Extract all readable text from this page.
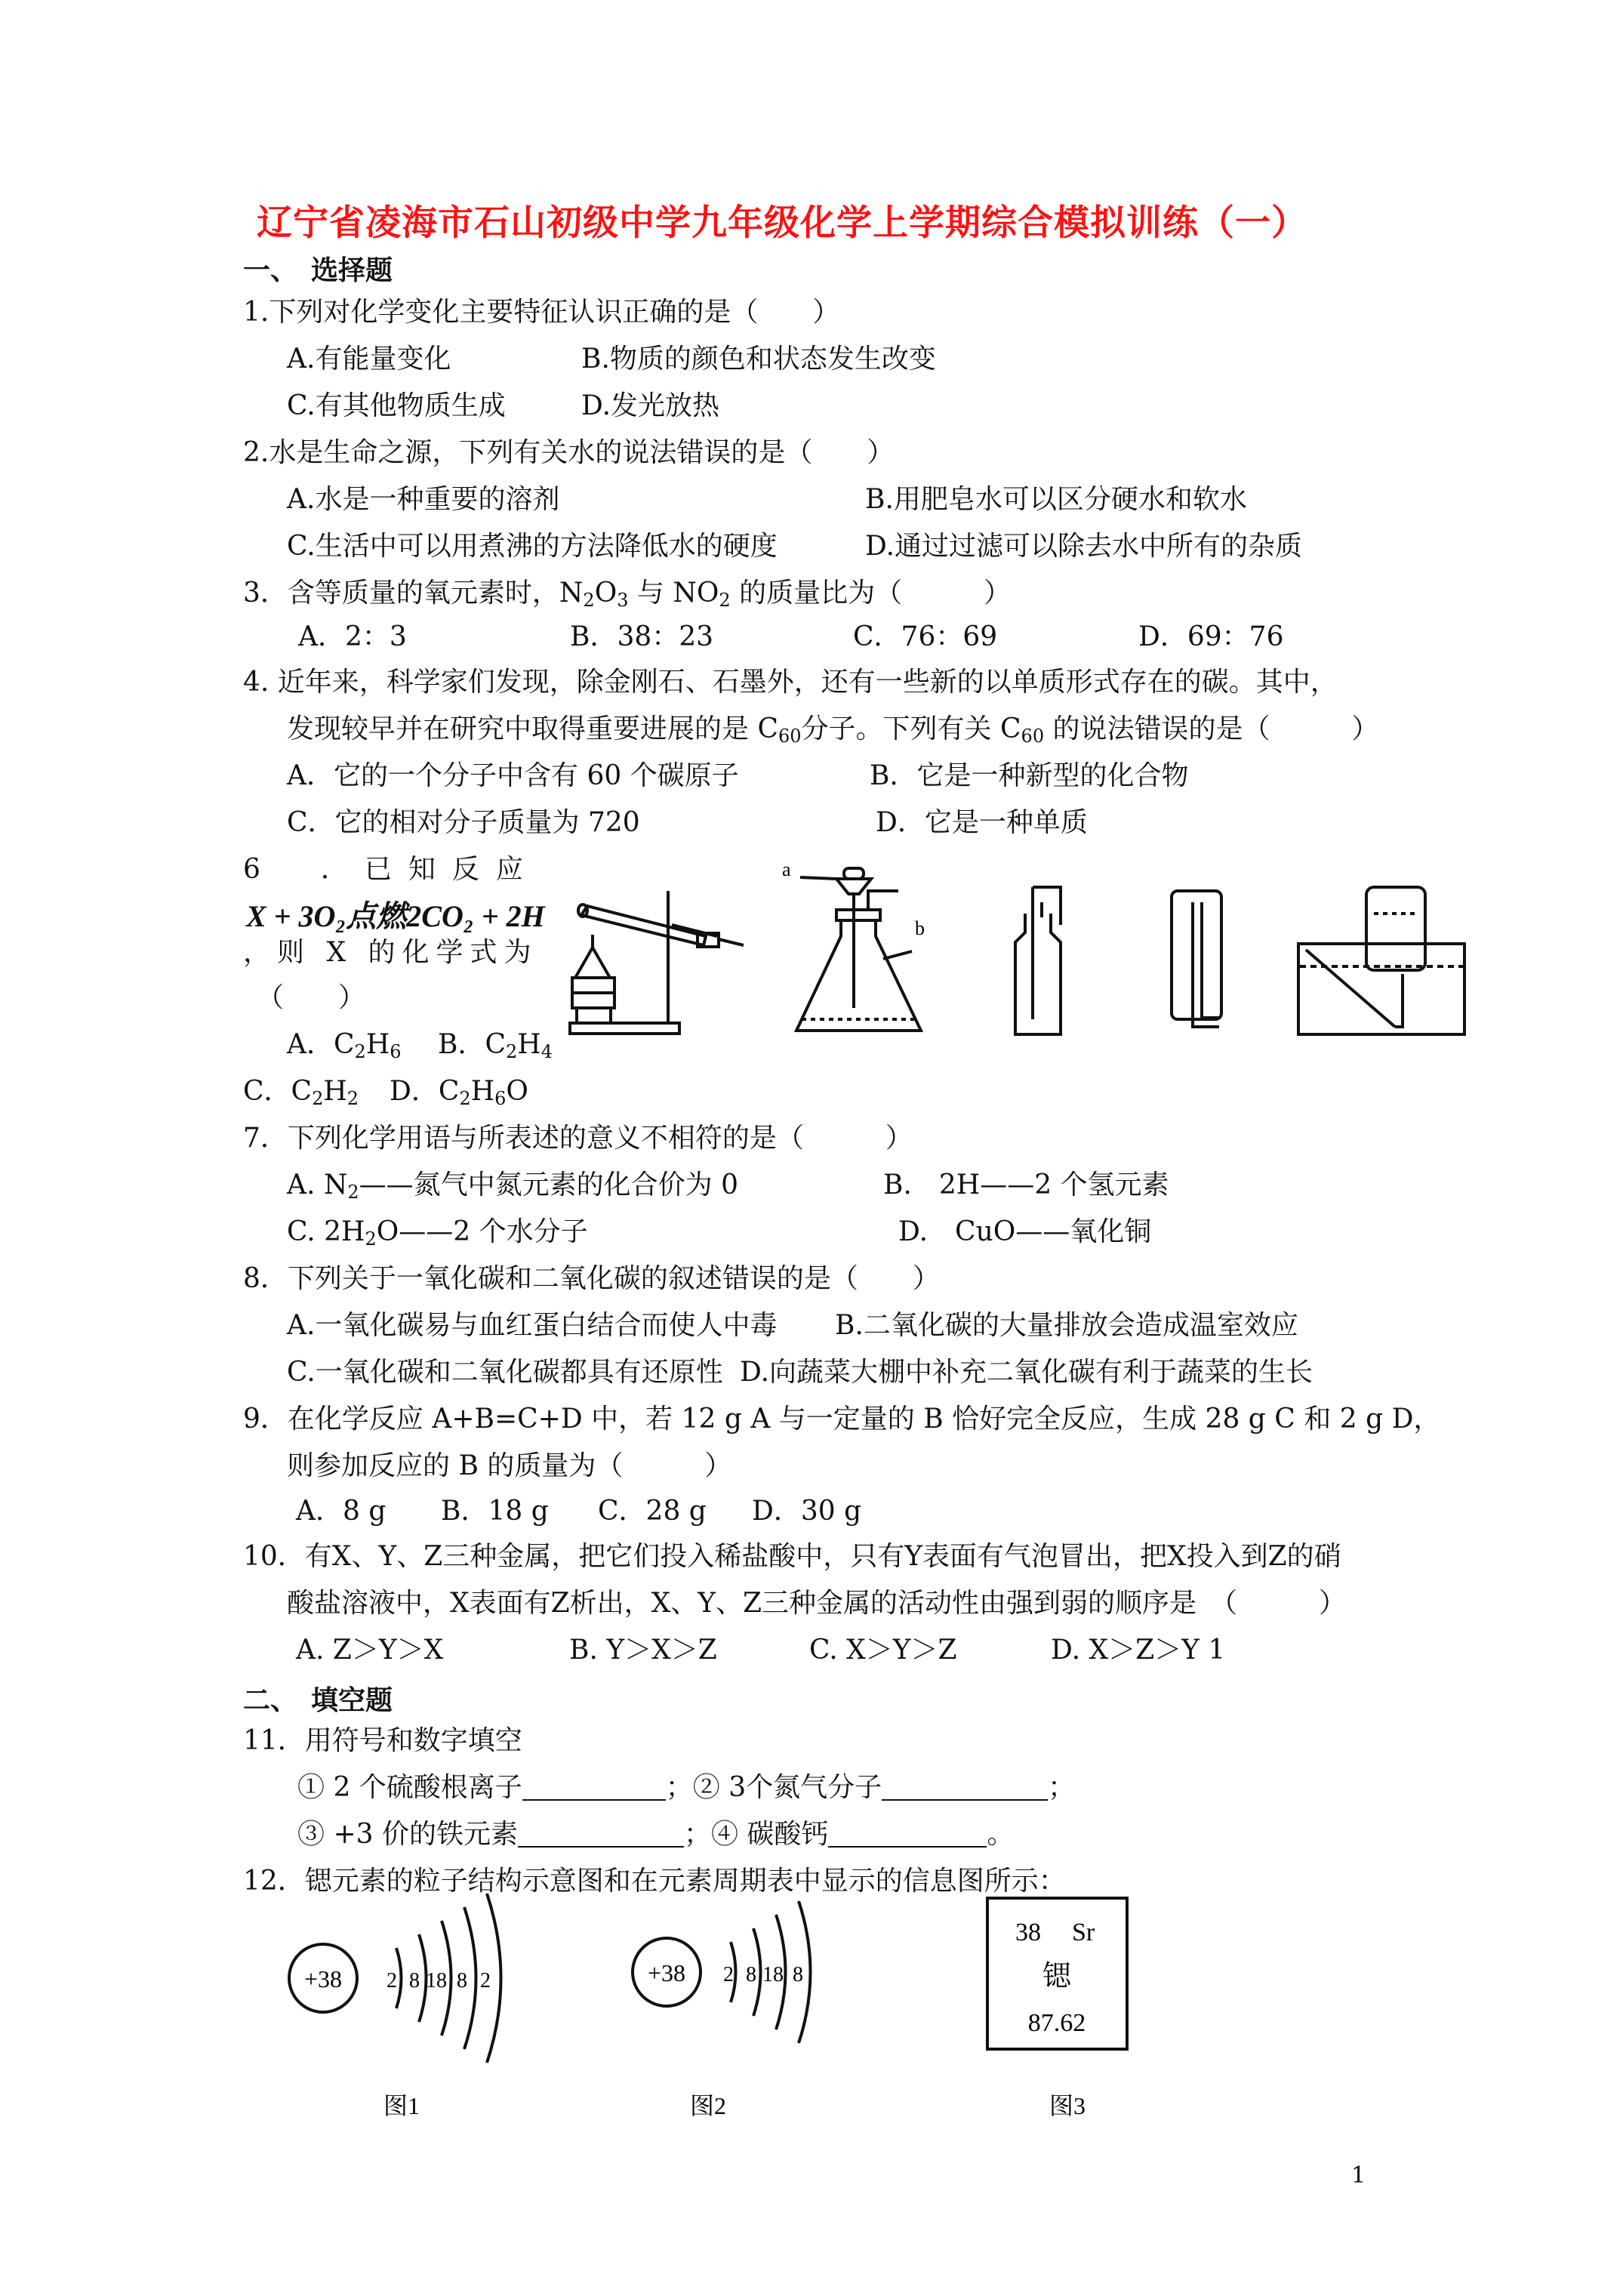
辽宁省凌海市石山初级中学九年级化学上学期综合模拟训练（一）
一、　选择题
1.下列对化学变化主要特征认识正确的是（　　）
A.有能量变化	B.物质的颜色和状态发生改变
C.有其他物质生成	D.发光放热
2.水是生命之源，下列有关水的说法错误的是（　　）
A.水是一种重要的溶剂	B.用肥皂水可以区分硬水和软水
C.生活中可以用煮沸的方法降低水的硬度	D.通过过滤可以除去水中所有的杂质
3．含等质量的氧元素时，$N_2O_3$ 与 $NO_2$ 的质量比为（　　　）
A．2：3	B．38：23	C．76：69	D．69：76
4. 近年来，科学家们发现，除金刚石、石墨外，还有一些新的以单质形式存在的碳。其中，
发现较早并在研究中取得重要进展的是 $C_{60}$分子。下列有关 $C_{60}$ 的说法错误的是（　　　）
A．它的一个分子中含有 60 个碳原子	B．它是一种新型的化合物
C．它的相对分子质量为 720	D．它是一种单质
6　．已知反应
X + 3O₂点燃2CO₂ + 2H
，则 X 的化学式为
（　　）
A．$C_2H_6$ B．$C_2H_4$
C．$C_2H_2$ D．$C_2H_6O$
a
b
7．下列化学用语与所表述的意义不相符的是（　　　）
A. $N_2——$氮气中氮元素的化合价为 0	B.　2H——2 个氢元素
C. $2H_2O——2$ 个水分子	D.　CuO——氧化铜
8．下列关于一氧化碳和二氧化碳的叙述错误的是（　　）
A.一氧化碳易与血红蛋白结合而使人中毒 B.二氧化碳的大量排放会造成温室效应
C.一氧化碳和二氧化碳都具有还原性 D.向蔬菜大棚中补充二氧化碳有利于蔬菜的生长
9．在化学反应 A+B=C+D 中，若 12 g A 与一定量的 B 恰好完全反应，生成 28 g C 和 2 g D，
则参加反应的 B 的质量为（　　　）
A．8 g B．18 g C．28 g D．30 g
10．有X、Y、Z三种金属，把它们投入稀盐酸中，只有Y表面有气泡冒出，把X投入到Z的硝
酸盐溶液中，X表面有Z析出，X、Y、Z三种金属的活动性由强到弱的顺序是　（　　　）
A. Z＞Y＞X	B. Y＞X＞Z	C. X＞Y＞Z	D. X＞Z＞Y 1
二、　填空题
11．用符号和数字填空
① 2 个硫酸根离子	；② 3个氮气分子	；
③ +3 价的铁元素	；④ 碳酸钙	。
12．锶元素的粒子结构示意图和在元素周期表中显示的信息图所示：
+38 2 8 18 8 2	+38 2 8 18 8
38 Sr
锶
87.62
图1	图2	图3
1
